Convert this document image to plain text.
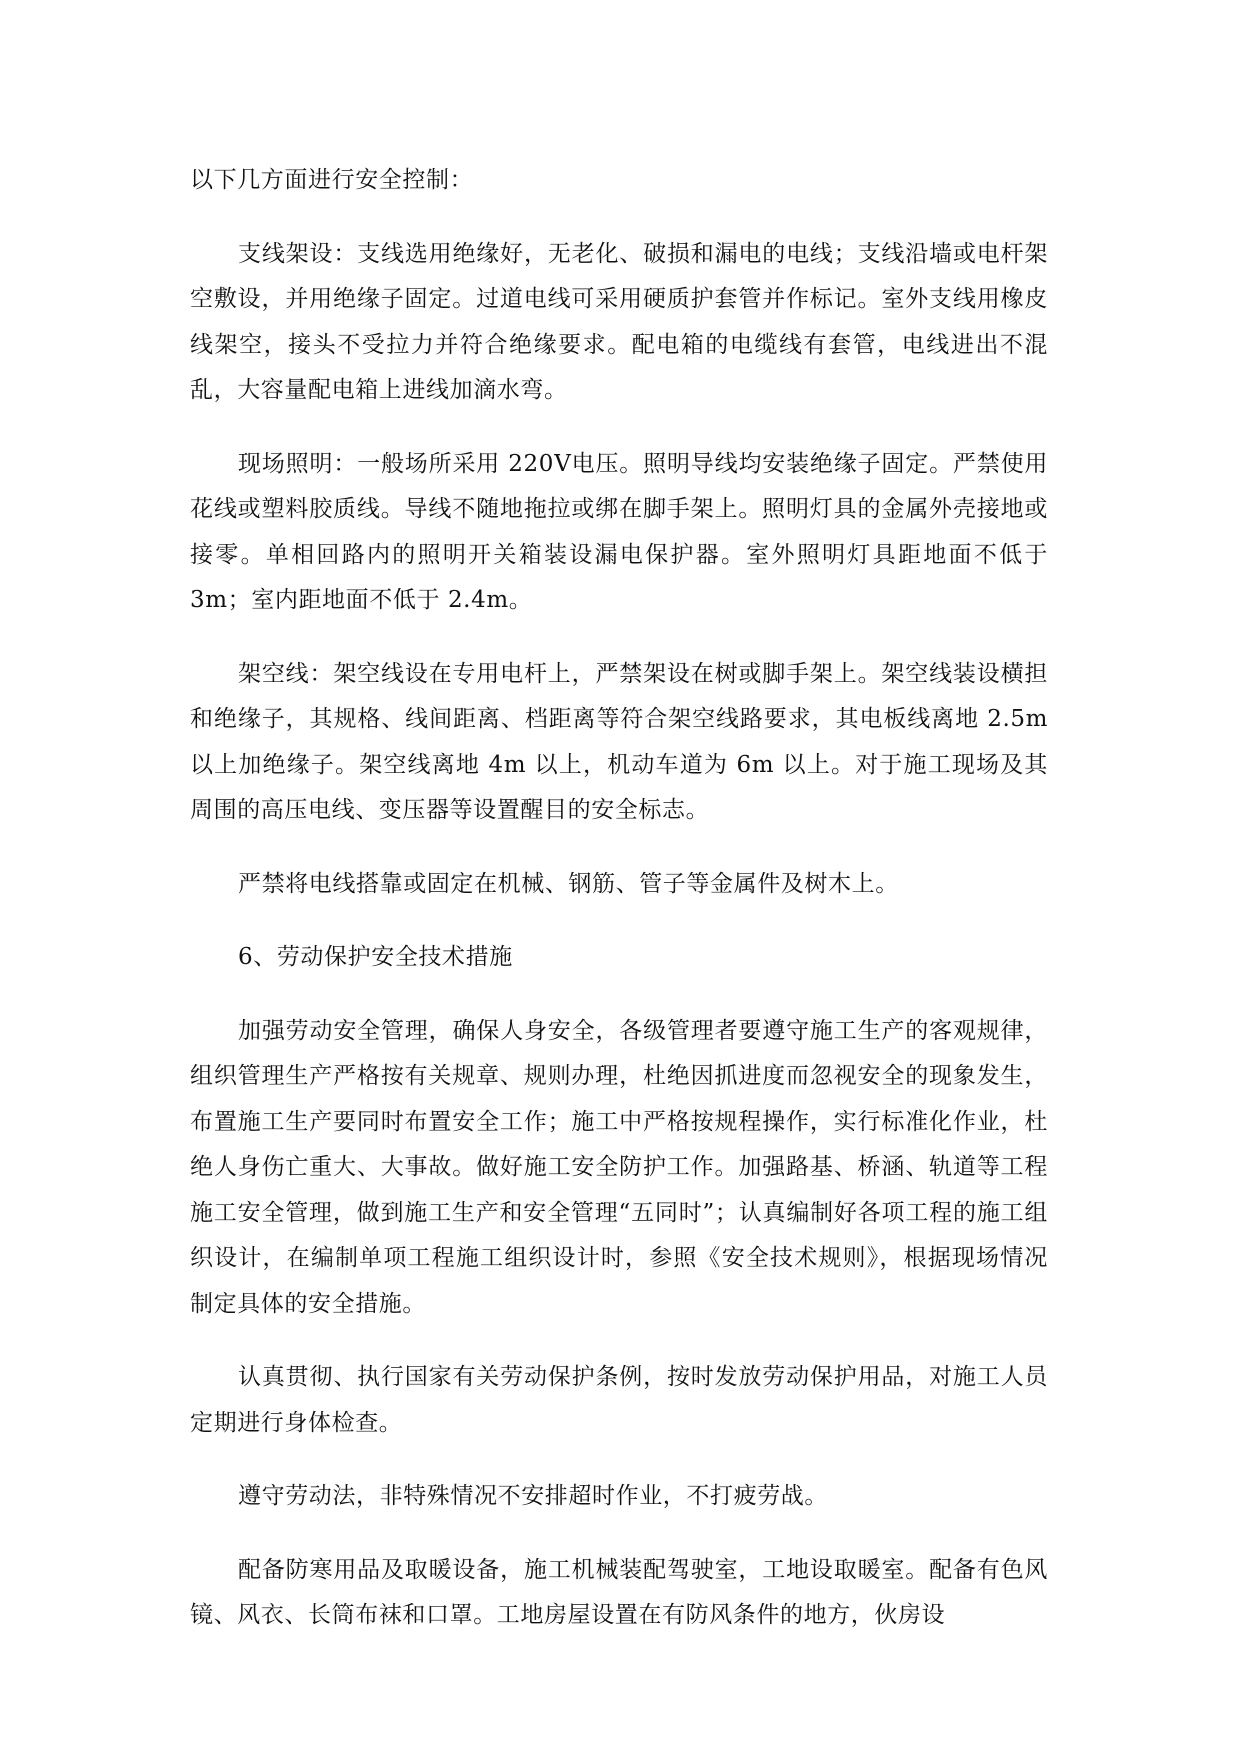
以下几方面进行安全控制：

支线架设：支线选用绝缘好，无老化、破损和漏电的电线；支线沿墙或电杆架空敷设，并用绝缘子固定。过道电线可采用硬质护套管并作标记。室外支线用橡皮线架空，接头不受拉力并符合绝缘要求。配电箱的电缆线有套管，电线进出不混乱，大容量配电箱上进线加滴水弯。

现场照明：一般场所采用 220Ⅴ电压。照明导线均安装绝缘子固定。严禁使用花线或塑料胶质线。导线不随地拖拉或绑在脚手架上。照明灯具的金属外壳接地或接零。单相回路内的照明开关箱装设漏电保护器。室外照明灯具距地面不低于 3m；室内距地面不低于 2.4m。

架空线：架空线设在专用电杆上，严禁架设在树或脚手架上。架空线装设横担和绝缘子，其规格、线间距离、档距离等符合架空线路要求，其电板线离地 2.5m 以上加绝缘子。架空线离地 4m 以上，机动车道为 6m 以上。对于施工现场及其周围的高压电线、变压器等设置醒目的安全标志。

严禁将电线搭靠或固定在机械、钢筋、管子等金属件及树木上。

6、劳动保护安全技术措施

加强劳动安全管理，确保人身安全，各级管理者要遵守施工生产的客观规律，组织管理生产严格按有关规章、规则办理，杜绝因抓进度而忽视安全的现象发生，布置施工生产要同时布置安全工作；施工中严格按规程操作，实行标准化作业，杜绝人身伤亡重大、大事故。做好施工安全防护工作。加强路基、桥涵、轨道等工程施工安全管理，做到施工生产和安全管理“五同时”；认真编制好各项工程的施工组织设计，在编制单项工程施工组织设计时，参照《安全技术规则》，根据现场情况制定具体的安全措施。

认真贯彻、执行国家有关劳动保护条例，按时发放劳动保护用品，对施工人员定期进行身体检查。

遵守劳动法，非特殊情况不安排超时作业，不打疲劳战。

配备防寒用品及取暖设备，施工机械装配驾驶室，工地设取暖室。配备有色风镜、风衣、长筒布袜和口罩。工地房屋设置在有防风条件的地方，伙房设
